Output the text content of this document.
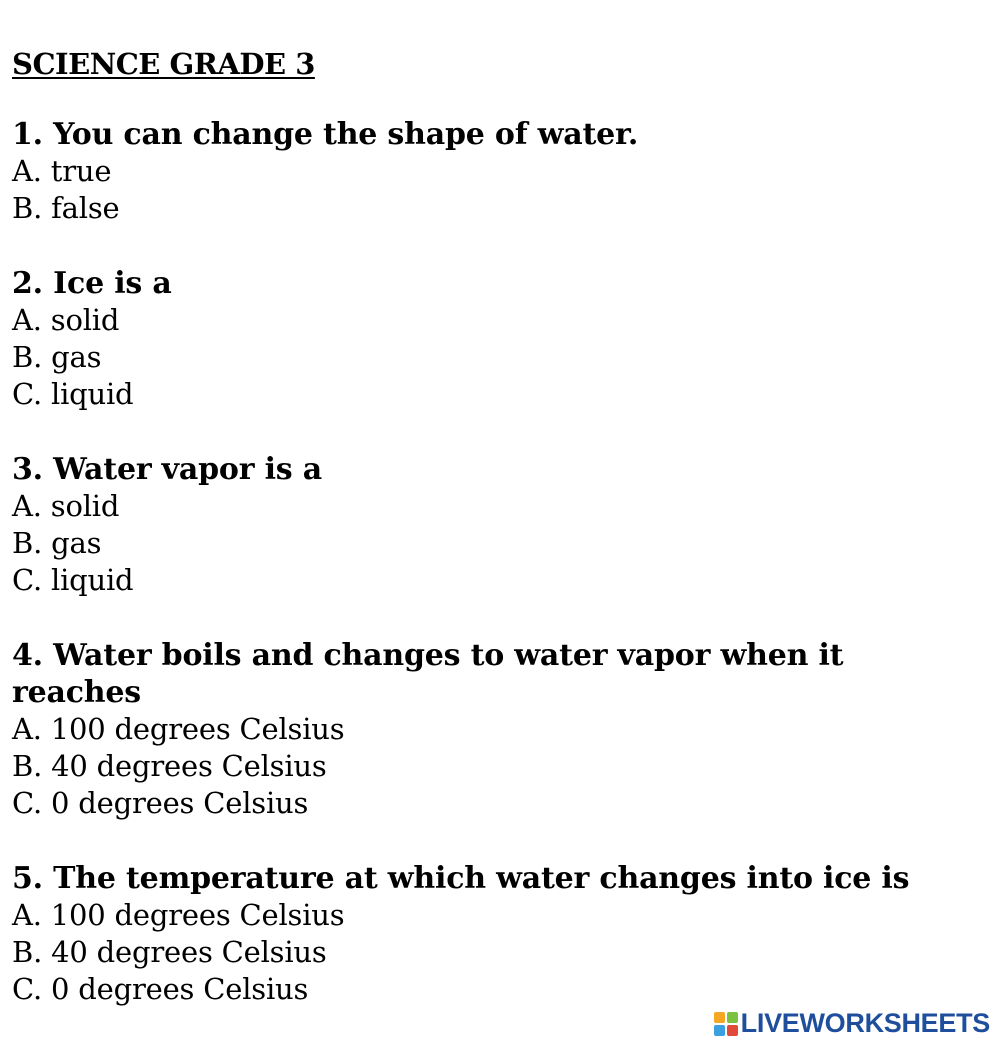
SCIENCE GRADE 3
1. You can change the shape of water.
A. true
B. false
2. Ice is a
A. solid
B. gas
C. liquid
3. Water vapor is a
A. solid
B. gas
C. liquid
4. Water boils and changes to water vapor when it reaches
A. 100 degrees Celsius
B. 40 degrees Celsius
C. 0 degrees Celsius
5. The temperature at which water changes into ice is
A. 100 degrees Celsius
B. 40 degrees Celsius
C. 0 degrees Celsius
LIVEWORKSHEETS
